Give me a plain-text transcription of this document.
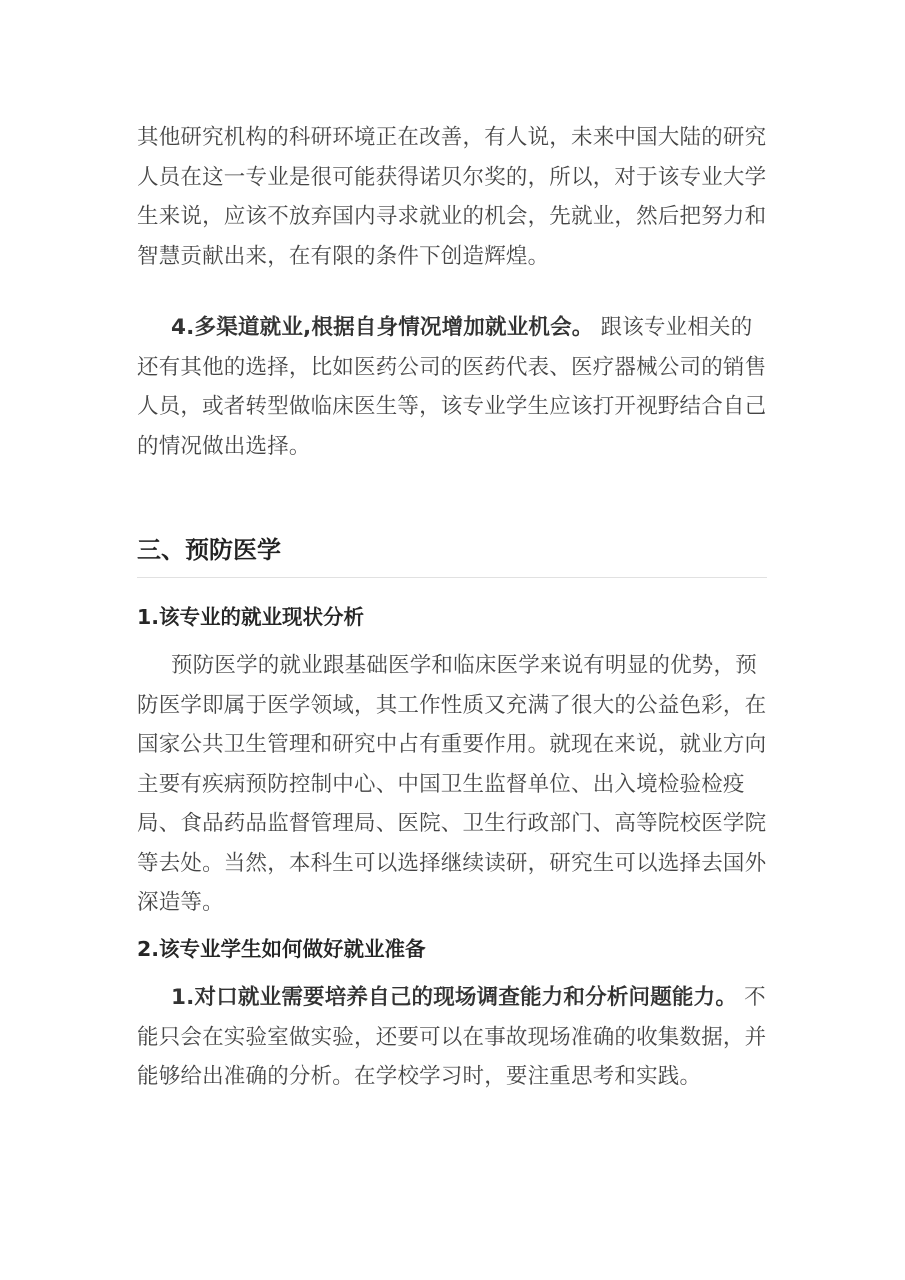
其他研究机构的科研环境正在改善，有人说，未来中国大陆的研究人员在这一专业是很可能获得诺贝尔奖的，所以，对于该专业大学生来说，应该不放弃国内寻求就业的机会，先就业，然后把努力和智慧贡献出来，在有限的条件下创造辉煌。

4.多渠道就业,根据自身情况增加就业机会。 跟该专业相关的还有其他的选择，比如医药公司的医药代表、医疗器械公司的销售人员，或者转型做临床医生等，该专业学生应该打开视野结合自己的情况做出选择。

三、预防医学
1.该专业的就业现状分析

预防医学的就业跟基础医学和临床医学来说有明显的优势，预防医学即属于医学领域，其工作性质又充满了很大的公益色彩，在国家公共卫生管理和研究中占有重要作用。就现在来说，就业方向主要有疾病预防控制中心、中国卫生监督单位、出入境检验检疫局、食品药品监督管理局、医院、卫生行政部门、高等院校医学院等去处。当然，本科生可以选择继续读研，研究生可以选择去国外深造等。

2.该专业学生如何做好就业准备

1.对口就业需要培养自己的现场调查能力和分析问题能力。 不能只会在实验室做实验，还要可以在事故现场准确的收集数据，并能够给出准确的分析。在学校学习时，要注重思考和实践。
